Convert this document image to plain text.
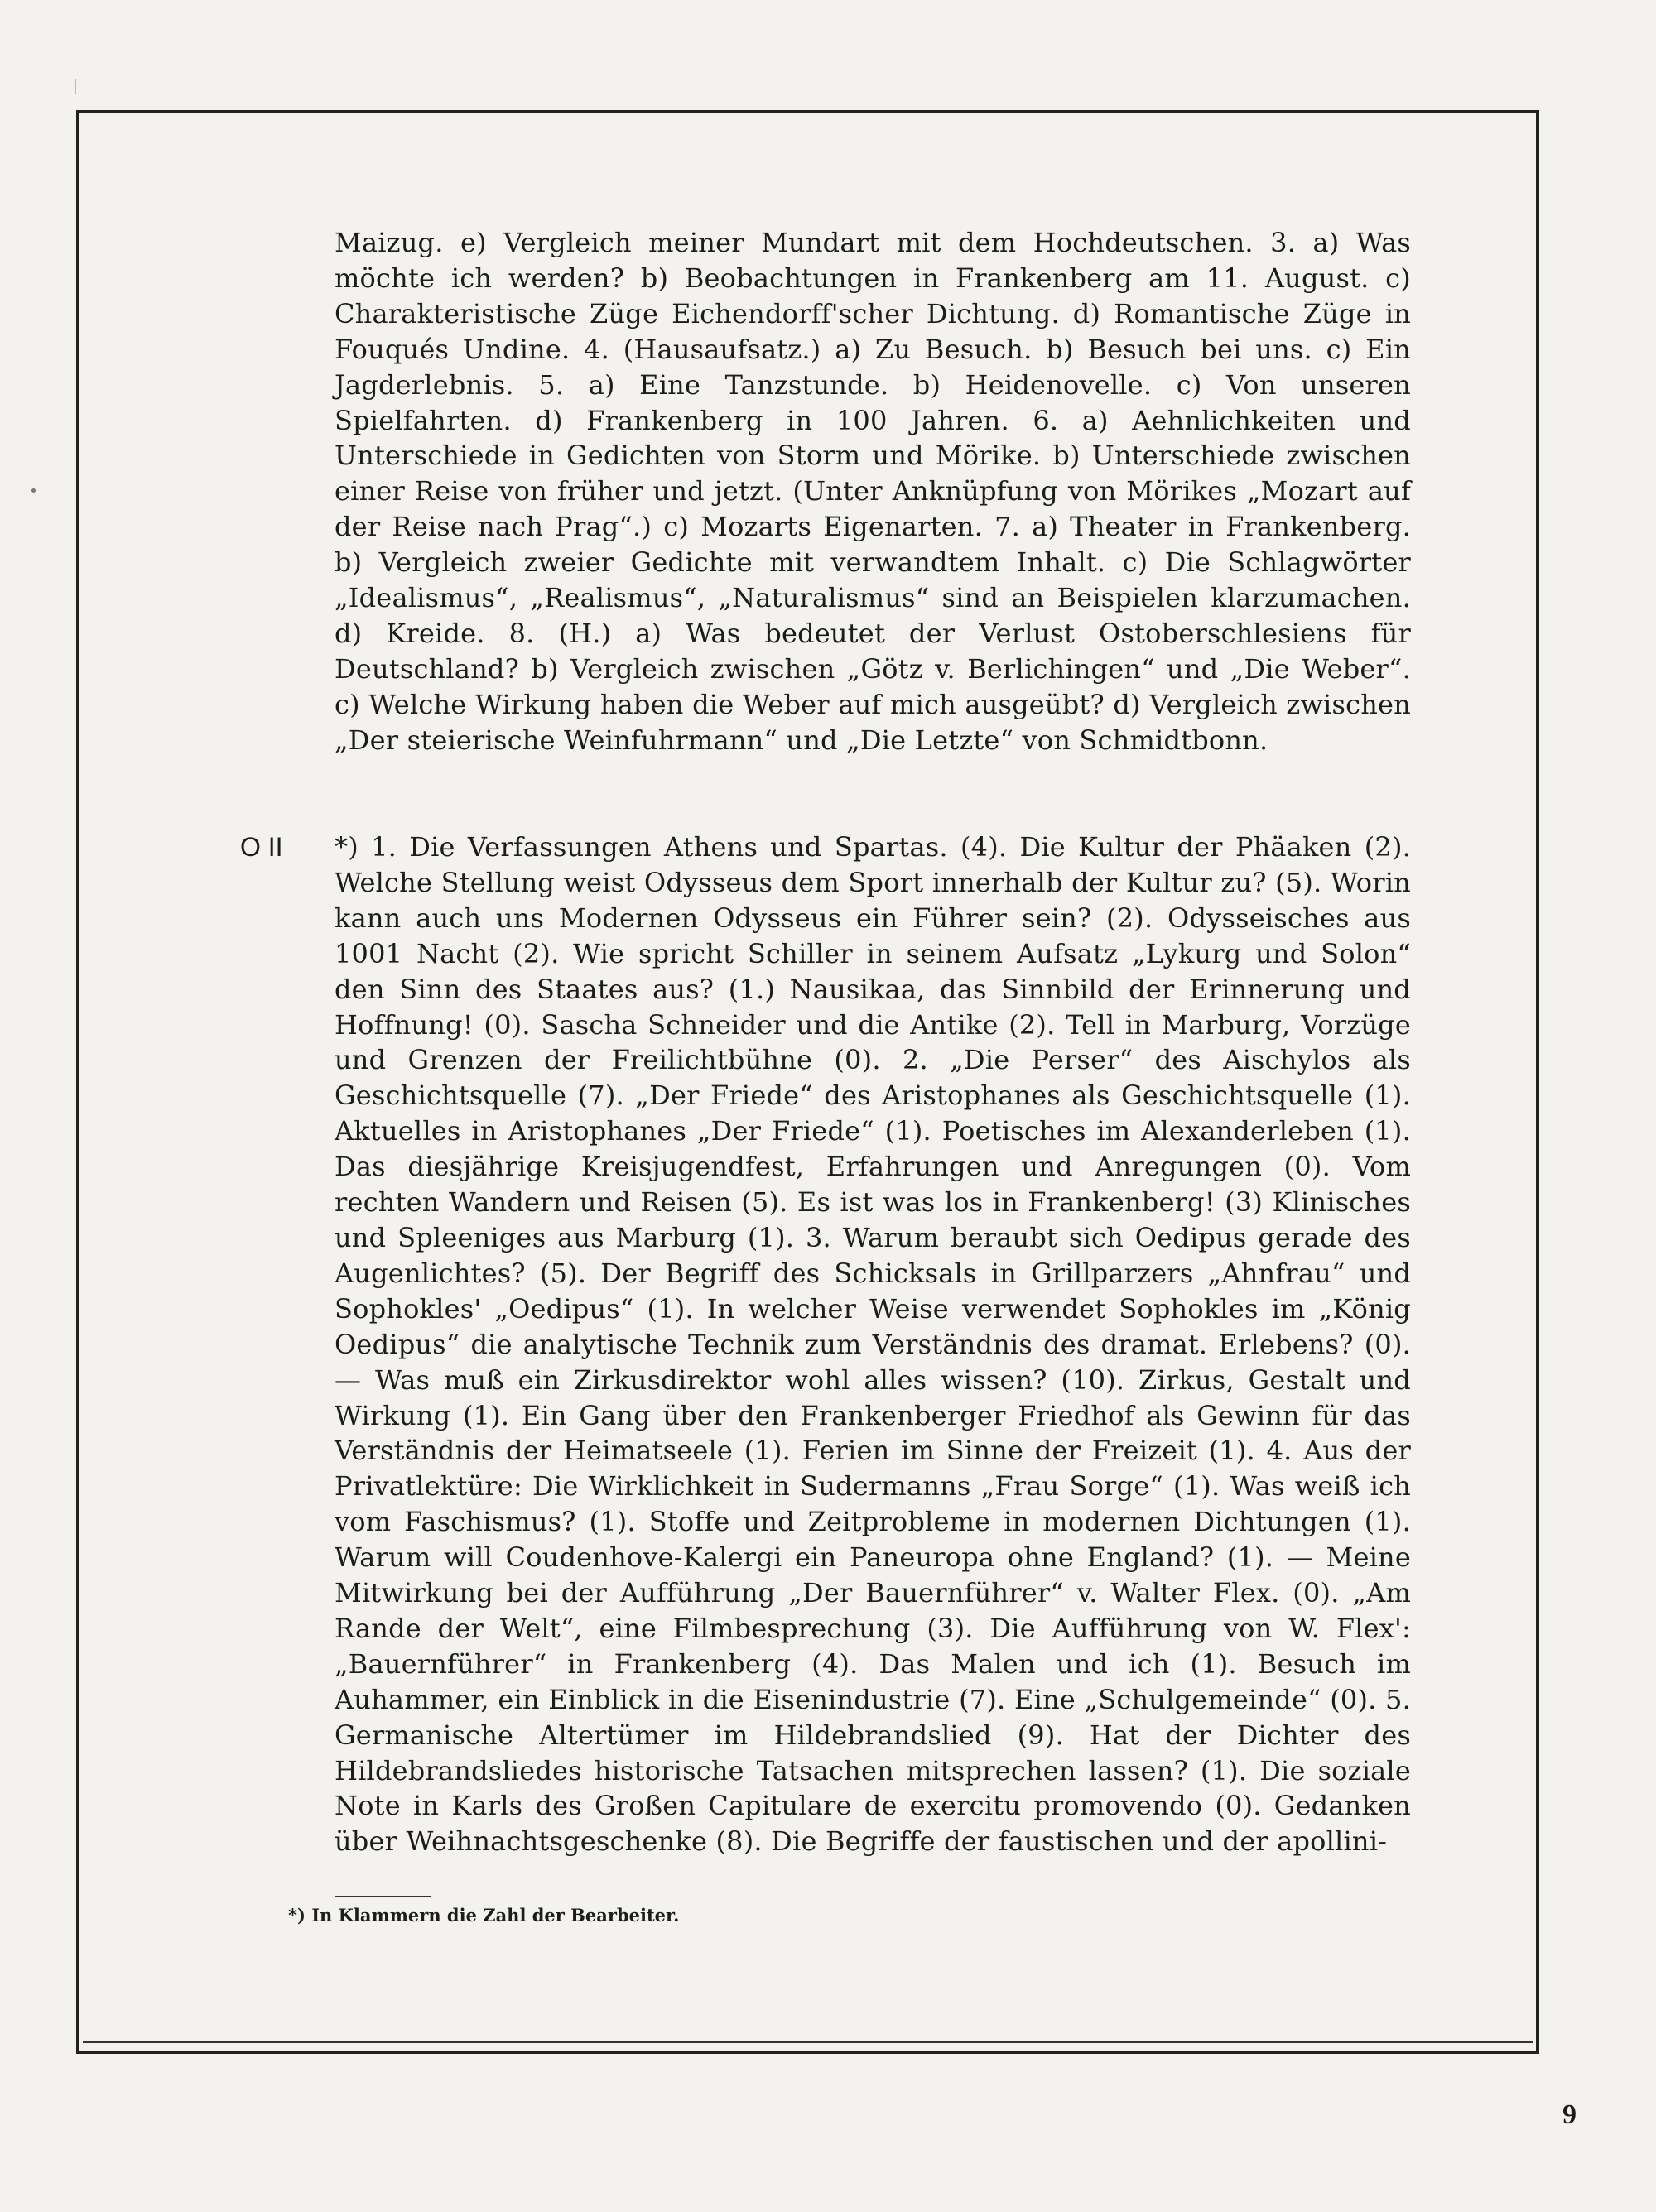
Maizug. e) Vergleich meiner Mundart mit dem Hochdeutschen. 3. a) Was möchte ich werden? b) Beobachtungen in Frankenberg am 11. August. c) Charakteristische Züge Eichendorff'scher Dichtung. d) Romantische Züge in Fouqués Undine. 4. (Hausaufsatz.) a) Zu Besuch. b) Besuch bei uns. c) Ein Jagderlebnis. 5. a) Eine Tanzstunde. b) Heidenovelle. c) Von unseren Spielfahrten. d) Frankenberg in 100 Jahren. 6. a) Aehnlichkeiten und Unterschiede in Gedichten von Storm und Mörike. b) Unterschiede zwischen einer Reise von früher und jetzt. (Unter Anknüpfung von Mörikes „Mozart auf der Reise nach Prag“.) c) Mozarts Eigenarten. 7. a) Theater in Frankenberg. b) Vergleich zweier Gedichte mit verwandtem Inhalt. c) Die Schlagwörter „Idealismus“, „Realismus“, „Naturalismus“ sind an Beispielen klarzumachen. d) Kreide. 8. (H.) a) Was bedeutet der Verlust Ostoberschlesiens für Deutschland? b) Vergleich zwischen „Götz v. Berlichingen“ und „Die Weber“. c) Welche Wirkung haben die Weber auf mich ausgeübt? d) Vergleich zwischen „Der steierische Weinfuhrmann“ und „Die Letzte“ von Schmidtbonn.

O II *) 1. Die Verfassungen Athens und Spartas. (4). Die Kultur der Phäaken (2). Welche Stellung weist Odysseus dem Sport innerhalb der Kultur zu? (5). Worin kann auch uns Modernen Odysseus ein Führer sein? (2). Odysseisches aus 1001 Nacht (2). Wie spricht Schiller in seinem Aufsatz „Lykurg und Solon“ den Sinn des Staates aus? (1.) Nausikaa, das Sinnbild der Erinnerung und Hoffnung! (0). Sascha Schneider und die Antike (2). Tell in Marburg, Vorzüge und Grenzen der Freilichtbühne (0). 2. „Die Perser“ des Aischylos als Geschichtsquelle (7). „Der Friede“ des Aristophanes als Geschichtsquelle (1). Aktuelles in Aristophanes „Der Friede“ (1). Poetisches im Alexanderleben (1). Das diesjährige Kreisjugendfest, Erfahrungen und Anregungen (0). Vom rechten Wandern und Reisen (5). Es ist was los in Frankenberg! (3) Klinisches und Spleeniges aus Marburg (1). 3. Warum beraubt sich Oedipus gerade des Augenlichtes? (5). Der Begriff des Schicksals in Grillparzers „Ahnfrau“ und Sophokles' „Oedipus“ (1). In welcher Weise verwendet Sophokles im „König Oedipus“ die analytische Technik zum Verständnis des dramat. Erlebens? (0). — Was muß ein Zirkusdirektor wohl alles wissen? (10). Zirkus, Gestalt und Wirkung (1). Ein Gang über den Frankenberger Friedhof als Gewinn für das Verständnis der Heimatseele (1). Ferien im Sinne der Freizeit (1). 4. Aus der Privatlektüre: Die Wirklichkeit in Sudermanns „Frau Sorge“ (1). Was weiß ich vom Faschismus? (1). Stoffe und Zeitprobleme in modernen Dichtungen (1). Warum will Coudenhove-Kalergi ein Paneuropa ohne England? (1). — Meine Mitwirkung bei der Aufführung „Der Bauernführer“ v. Walter Flex. (0). „Am Rande der Welt“, eine Filmbesprechung (3). Die Aufführung von W. Flex': „Bauernführer“ in Frankenberg (4). Das Malen und ich (1). Besuch im Auhammer, ein Einblick in die Eisenindustrie (7). Eine „Schulgemeinde“ (0). 5. Germanische Altertümer im Hildebrandslied (9). Hat der Dichter des Hildebrandsliedes historische Tatsachen mitsprechen lassen? (1). Die soziale Note in Karls des Großen Capitulare de exercitu promovendo (0). Gedanken über Weihnachtsgeschenke (8). Die Begriffe der faustischen und der apollini-

*) In Klammern die Zahl der Bearbeiter.
9
